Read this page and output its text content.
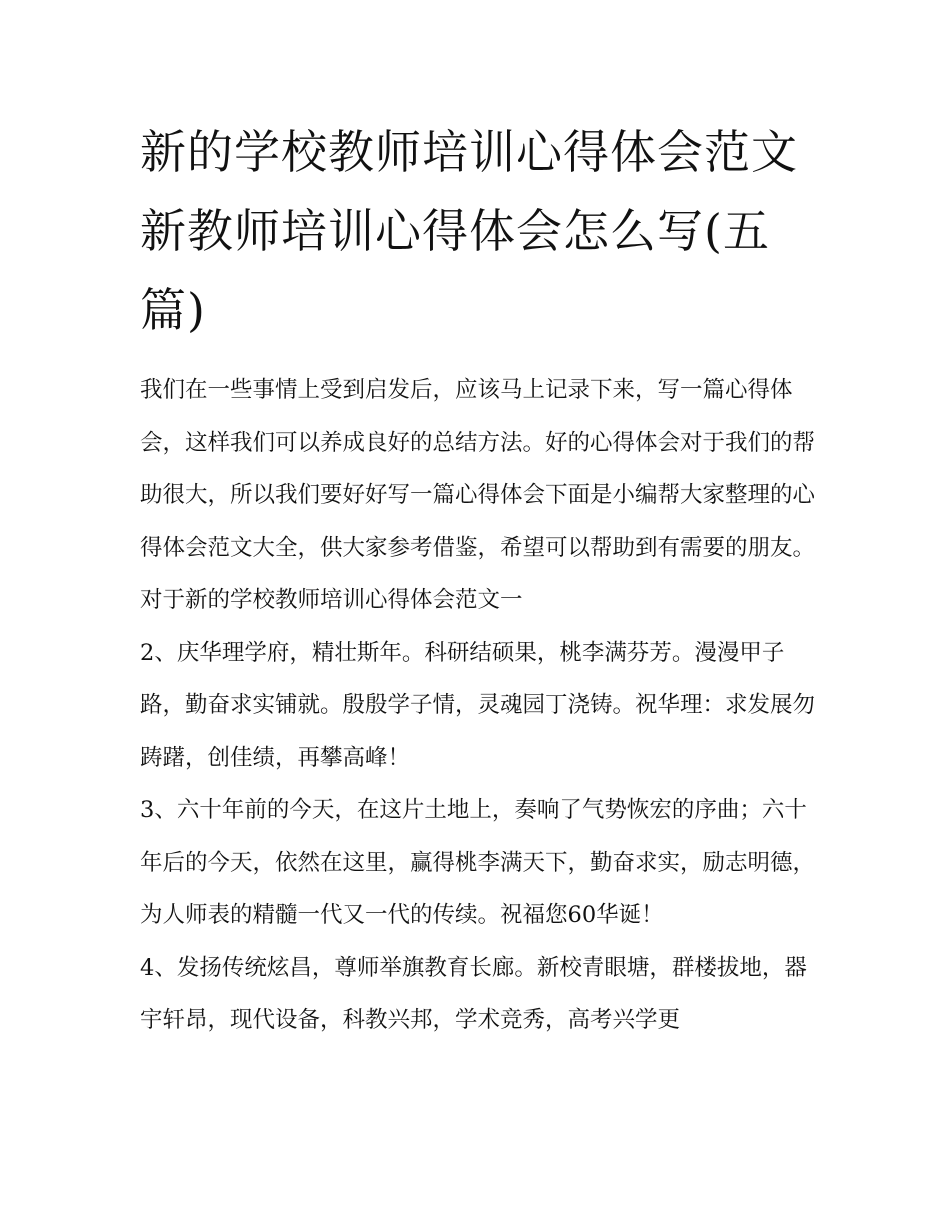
新的学校教师培训心得体会范文 新教师培训心得体会怎么写(五篇)

我们在一些事情上受到启发后，应该马上记录下来，写一篇心得体会，这样我们可以养成良好的总结方法。好的心得体会对于我们的帮助很大，所以我们要好好写一篇心得体会下面是小编帮大家整理的心得体会范文大全，供大家参考借鉴，希望可以帮助到有需要的朋友。

对于新的学校教师培训心得体会范文一

2、庆华理学府，精壮斯年。科研结硕果，桃李满芬芳。漫漫甲子路，勤奋求实铺就。殷殷学子情，灵魂园丁浇铸。祝华理：求发展勿踌躇，创佳绩，再攀高峰！

3、六十年前的今天，在这片土地上，奏响了气势恢宏的序曲；六十年后的今天，依然在这里，赢得桃李满天下，勤奋求实，励志明德，为人师表的精髓一代又一代的传续。祝福您60华诞！

4、发扬传统炫昌，尊师举旗教育长廊。新校青眼塘，群楼拔地，器宇轩昂，现代设备，科教兴邦，学术竞秀，高考兴学更
